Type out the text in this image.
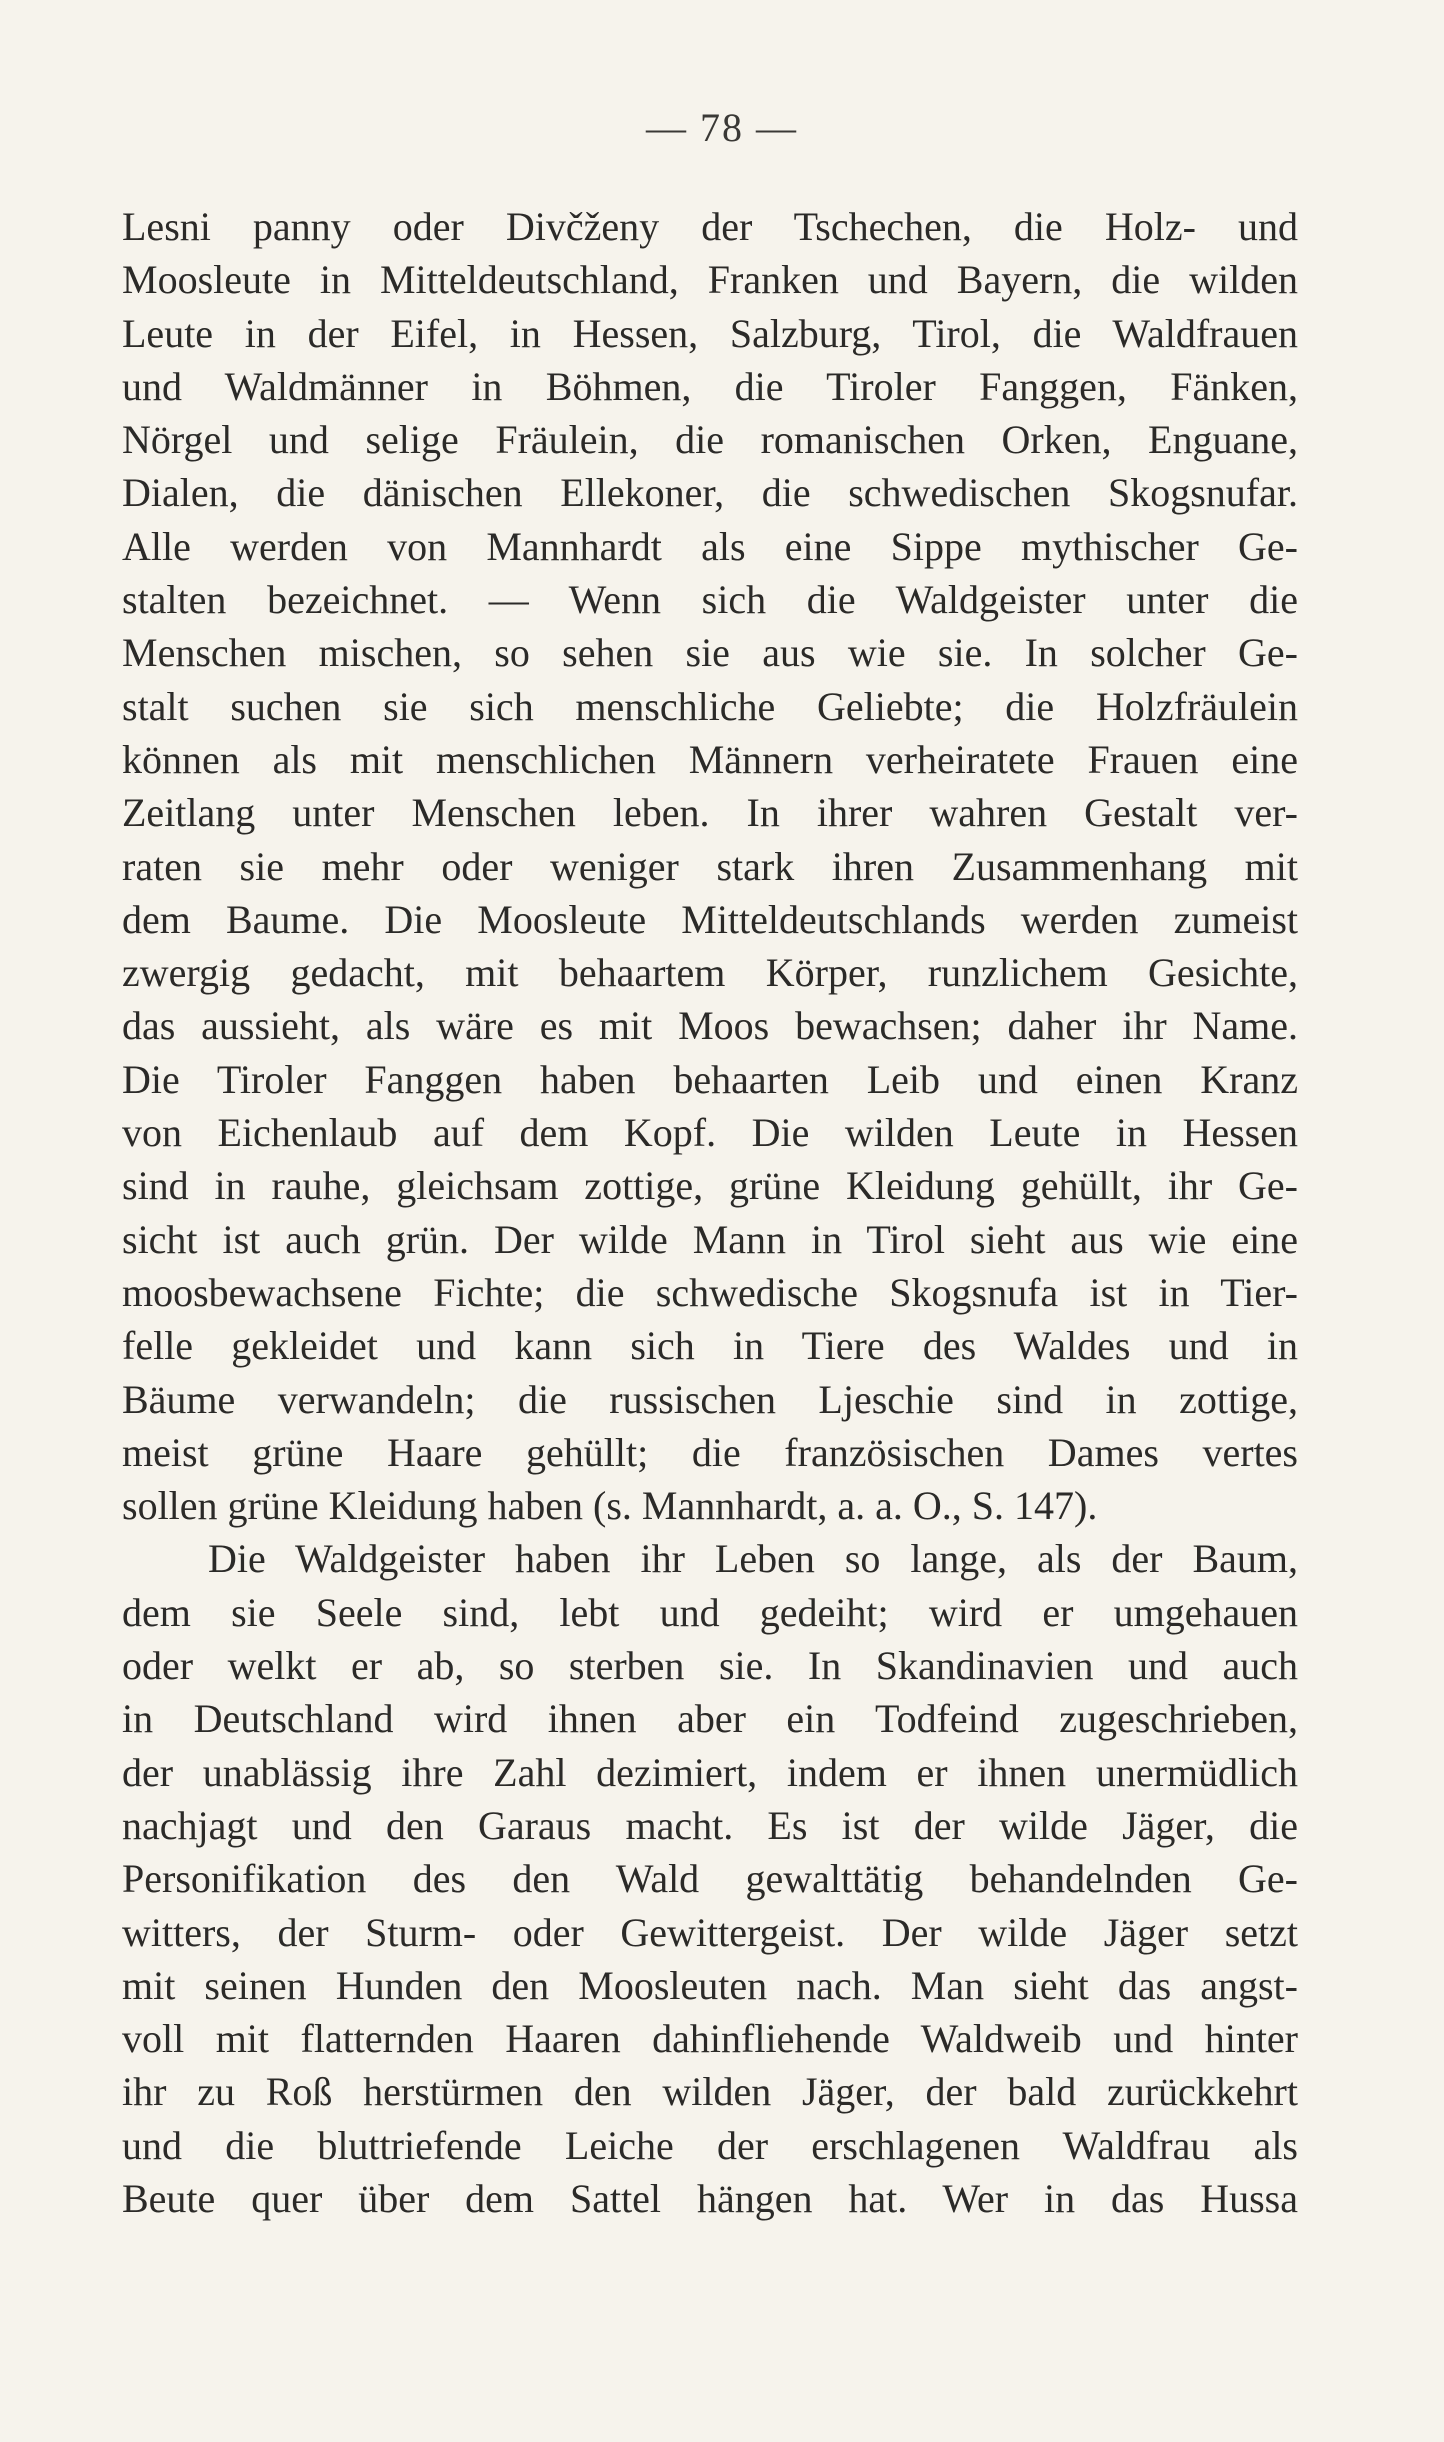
— 78 —
Lesni panny oder Divčženy der Tschechen, die Holz- und
Moosleute in Mitteldeutschland, Franken und Bayern, die wilden
Leute in der Eifel, in Hessen, Salzburg, Tirol, die Waldfrauen
und Waldmänner in Böhmen, die Tiroler Fanggen, Fänken,
Nörgel und selige Fräulein, die romanischen Orken, Enguane,
Dialen, die dänischen Ellekoner, die schwedischen Skogsnufar.
Alle werden von Mannhardt als eine Sippe mythischer Ge-
stalten bezeichnet. — Wenn sich die Waldgeister unter die
Menschen mischen, so sehen sie aus wie sie. In solcher Ge-
stalt suchen sie sich menschliche Geliebte; die Holzfräulein
können als mit menschlichen Männern verheiratete Frauen eine
Zeitlang unter Menschen leben. In ihrer wahren Gestalt ver-
raten sie mehr oder weniger stark ihren Zusammenhang mit
dem Baume. Die Moosleute Mitteldeutschlands werden zumeist
zwergig gedacht, mit behaartem Körper, runzlichem Gesichte,
das aussieht, als wäre es mit Moos bewachsen; daher ihr Name.
Die Tiroler Fanggen haben behaarten Leib und einen Kranz
von Eichenlaub auf dem Kopf. Die wilden Leute in Hessen
sind in rauhe, gleichsam zottige, grüne Kleidung gehüllt, ihr Ge-
sicht ist auch grün. Der wilde Mann in Tirol sieht aus wie eine
moosbewachsene Fichte; die schwedische Skogsnufa ist in Tier-
felle gekleidet und kann sich in Tiere des Waldes und in
Bäume verwandeln; die russischen Ljeschie sind in zottige,
meist grüne Haare gehüllt; die französischen Dames vertes
sollen grüne Kleidung haben (s. Mannhardt, a. a. O., S. 147).
Die Waldgeister haben ihr Leben so lange, als der Baum,
dem sie Seele sind, lebt und gedeiht; wird er umgehauen
oder welkt er ab, so sterben sie. In Skandinavien und auch
in Deutschland wird ihnen aber ein Todfeind zugeschrieben,
der unablässig ihre Zahl dezimiert, indem er ihnen unermüdlich
nachjagt und den Garaus macht. Es ist der wilde Jäger, die
Personifikation des den Wald gewalttätig behandelnden Ge-
witters, der Sturm- oder Gewittergeist. Der wilde Jäger setzt
mit seinen Hunden den Moosleuten nach. Man sieht das angst-
voll mit flatternden Haaren dahinfliehende Waldweib und hinter
ihr zu Roß herstürmen den wilden Jäger, der bald zurückkehrt
und die bluttriefende Leiche der erschlagenen Waldfrau als
Beute quer über dem Sattel hängen hat. Wer in das Hussa
